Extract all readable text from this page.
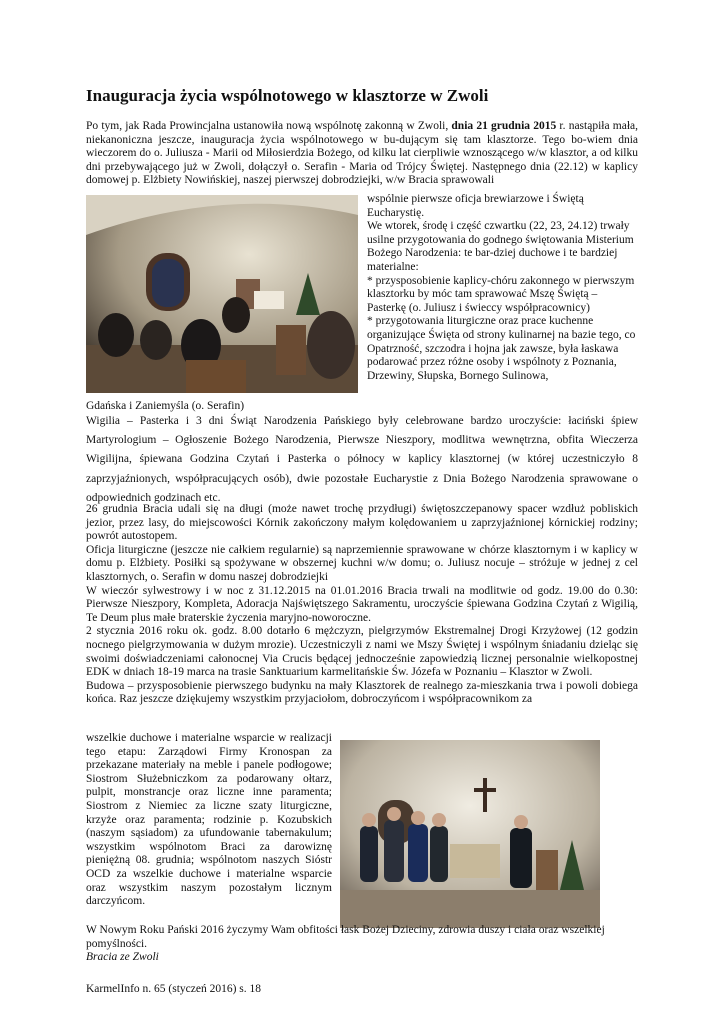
Inauguracja życia wspólnotowego w klasztorze w Zwoli

Po tym, jak Rada Prowincjalna ustanowiła nową wspólnotę zakonną w Zwoli, dnia 21 grudnia 2015 r. nastąpiła mała, niekanoniczna jeszcze, inauguracja życia wspólnotowego w bu-dującym się tam klasztorze. Tego bo-wiem dnia wieczorem do o. Juliusza - Marii od Miłosierdzia Bożego, od kilku lat cierpliwie wznoszącego w/w klasztor, a od kilku dni przebywającego już w Zwoli, dołączył o. Serafin - Maria od Trójcy Świętej. Następnego dnia (22.12) w kaplicy domowej p. Elżbiety Nowińskiej, naszej pierwszej dobrodziejki, w/w Bracia sprawowali

wspólnie pierwsze oficja brewiarzowe i Świętą Eucharystię.

We wtorek, środę i część czwartku (22, 23, 24.12) trwały usilne przygotowania do godnego świętowania Misterium Bożego Narodzenia: te bar-dziej duchowe i te bardziej materialne:

* przysposobienie kaplicy-chóru zakonnego w pierwszym klasztorku by móc tam sprawować Mszę Świętą – Pasterkę (o. Juliusz i świeccy współpracownicy)

* przygotowania liturgiczne oraz prace kuchenne organizujące Święta od strony kulinarnej na bazie tego, co Opatrzność, szczodra i hojna jak zawsze, była łaskawa podarować przez różne osoby i wspólnoty z Poznania, Drzewiny, Słupska, Bornego Sulinowa,

Gdańska i Zaniemyśla (o. Serafin)

Wigilia – Pasterka i 3 dni Świąt Narodzenia Pańskiego były celebrowane bardzo uroczyście: łaciński śpiew Martyrologium – Ogłoszenie Bożego Narodzenia, Pierwsze Nieszpory, modlitwa wewnętrzna, obfita Wieczerza Wigilijna, śpiewana Godzina Czytań i Pasterka o północy w kaplicy klasztornej (w której uczestniczyło 8 zaprzyjaźnionych, współpracujących osób), dwie pozostałe Eucharystie z Dnia Bożego Narodzenia sprawowane o odpowiednich godzinach etc.

26 grudnia Bracia udali się na długi (może nawet trochę przydługi) świętoszczepanowy spacer wzdłuż pobliskich jezior, przez lasy, do miejscowości Kórnik zakończony małym kolędowaniem u zaprzyjaźnionej kórnickiej rodziny; powrót autostopem.

Oficja liturgiczne (jeszcze nie całkiem regularnie) są naprzemiennie sprawowane w chórze klasztornym i w kaplicy w domu p. Elżbiety. Posiłki są spożywane w obszernej kuchni w/w domu; o. Juliusz nocuje – stróżuje w jednej z cel klasztornych, o. Serafin w domu naszej dobrodziejki

W wieczór sylwestrowy i w noc z 31.12.2015 na 01.01.2016 Bracia trwali na modlitwie od godz. 19.00 do 0.30: Pierwsze Nieszpory, Kompleta, Adoracja Najświętszego Sakramentu, uroczyście śpiewana Godzina Czytań z Wigilią, Te Deum plus małe braterskie życzenia maryjno-noworoczne.

2 stycznia 2016 roku ok. godz. 8.00 dotarło 6 mężczyzn, pielgrzymów Ekstremalnej Drogi Krzyżowej (12 godzin nocnego pielgrzymowania w dużym mrozie). Uczestniczyli z nami we Mszy Świętej i wspólnym śniadaniu dzieląc się swoimi doświadczeniami całonocnej Via Crucis będącej jednocześnie zapowiedzią licznej personalnie wielkopostnej EDK w dniach 18-19 marca na trasie Sanktuarium karmelitańskie Św. Józefa w Poznaniu – Klasztor w Zwoli.

Budowa – przysposobienie pierwszego budynku na mały Klasztorek de realnego za-mieszkania trwa i powoli dobiega końca. Raz jeszcze dziękujemy wszystkim przyjaciołom, dobroczyńcom i współpracownikom za

wszelkie duchowe i materialne wsparcie w realizacji tego etapu: Zarządowi Firmy Kronospan za przekazane materiały na meble i panele podłogowe; Siostrom Służebniczkom za podarowany ołtarz, pulpit, monstrancje oraz liczne inne paramenta; Siostrom z Niemiec za liczne szaty liturgiczne, krzyże oraz paramenta; rodzinie p. Kozubskich (naszym sąsiadom) za ufundowanie tabernakulum; wszystkim wspólnotom Braci za darowiznę pieniężną 08. grudnia; wspólnotom naszych Sióstr OCD za wszelkie duchowe i materialne wsparcie oraz wszystkim naszym pozostałym licznym darczyńcom.

W Nowym Roku Pański 2016 życzymy Wam obfitości łask Bożej Dzieciny, zdrowia duszy i ciała oraz wszelkiej pomyślności.

Bracia ze Zwoli

KarmelInfo n. 65 (styczeń 2016) s. 18
